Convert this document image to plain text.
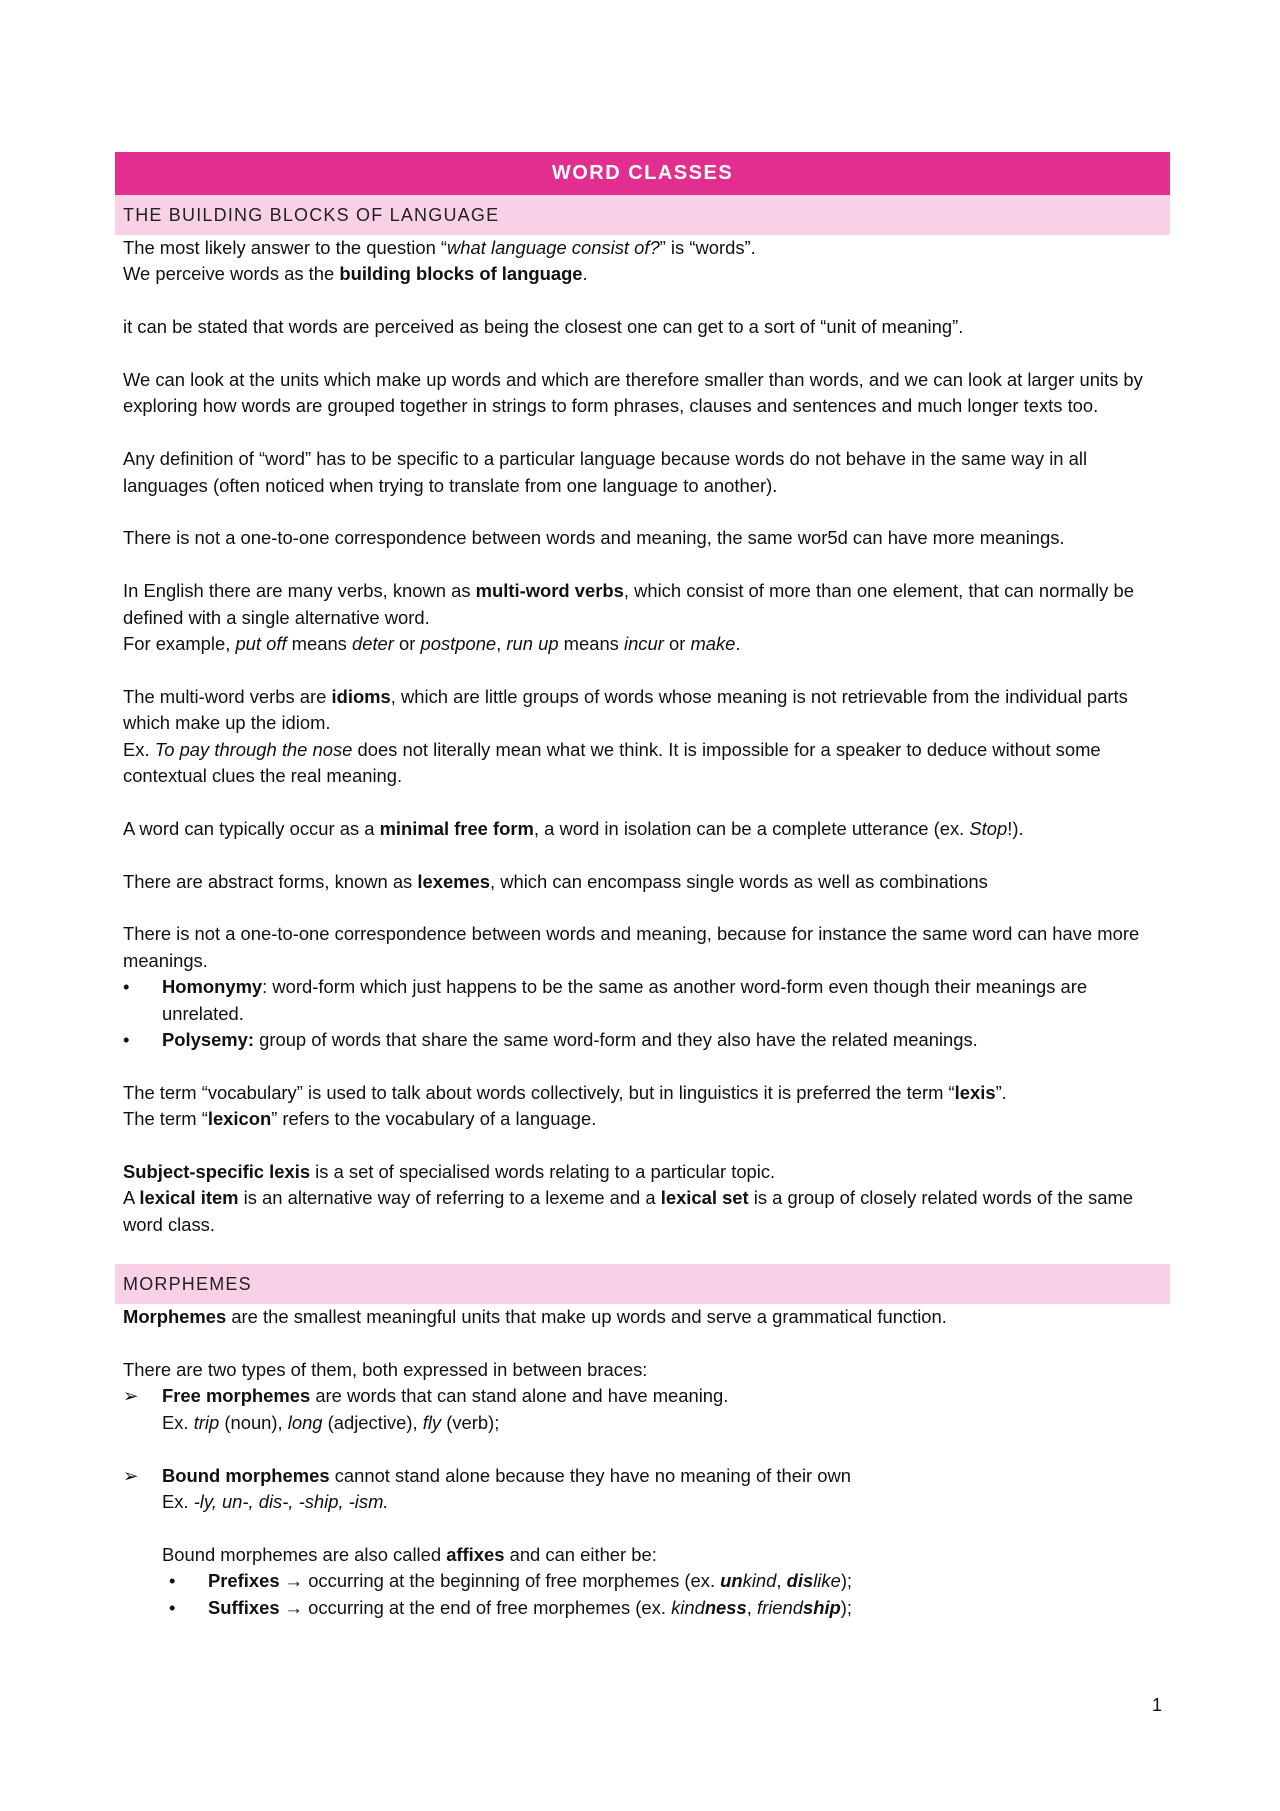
WORD CLASSES
THE BUILDING BLOCKS OF LANGUAGE

The most likely answer to the question “what language consist of?” is “words”.

We perceive words as the building blocks of language.

it can be stated that words are perceived as being the closest one can get to a sort of “unit of meaning”.

We can look at the units which make up words and which are therefore smaller than words, and we can look at larger units by exploring how words are grouped together in strings to form phrases, clauses and sentences and much longer texts too.

Any definition of “word” has to be specific to a particular language because words do not behave in the same way in all languages (often noticed when trying to translate from one language to another).

There is not a one-to-one correspondence between words and meaning, the same wor5d can have more meanings.

In English there are many verbs, known as multi-word verbs, which consist of more than one element, that can normally be defined with a single alternative word.

For example, put off means deter or postpone, run up means incur or make.

The multi-word verbs are idioms, which are little groups of words whose meaning is not retrievable from the individual parts which make up the idiom.

Ex. To pay through the nose does not literally mean what we think. It is impossible for a speaker to deduce without some contextual clues the real meaning.

A word can typically occur as a minimal free form, a word in isolation can be a complete utterance (ex. Stop!).

There are abstract forms, known as lexemes, which can encompass single words as well as combinations

There is not a one-to-one correspondence between words and meaning, because for instance the same word can have more meanings.

•	Homonymy: word-form which just happens to be the same as another word-form even though their meanings are unrelated.
•	Polysemy: group of words that share the same word-form and they also have the related meanings.

The term “vocabulary” is used to talk about words collectively, but in linguistics it is preferred the term “lexis”.

The term “lexicon” refers to the vocabulary of a language.

Subject-specific lexis is a set of specialised words relating to a particular topic.

A lexical item is an alternative way of referring to a lexeme and a lexical set is a group of closely related words of the same word class.

MORPHEMES

Morphemes are the smallest meaningful units that make up words and serve a grammatical function.

There are two types of them, both expressed in between braces:

➢ Free morphemes are words that can stand alone and have meaning.

Ex. trip (noun), long (adjective), fly (verb);

➢ Bound morphemes cannot stand alone because they have no meaning of their own

Ex. -ly, un-, dis-, -ship, -ism.

Bound morphemes are also called affixes and can either be:

•	Prefixes → occurring at the beginning of free morphemes (ex. unkind, dislike);
•	Suffixes → occurring at the end of free morphemes (ex. kindness, friendship);
1
